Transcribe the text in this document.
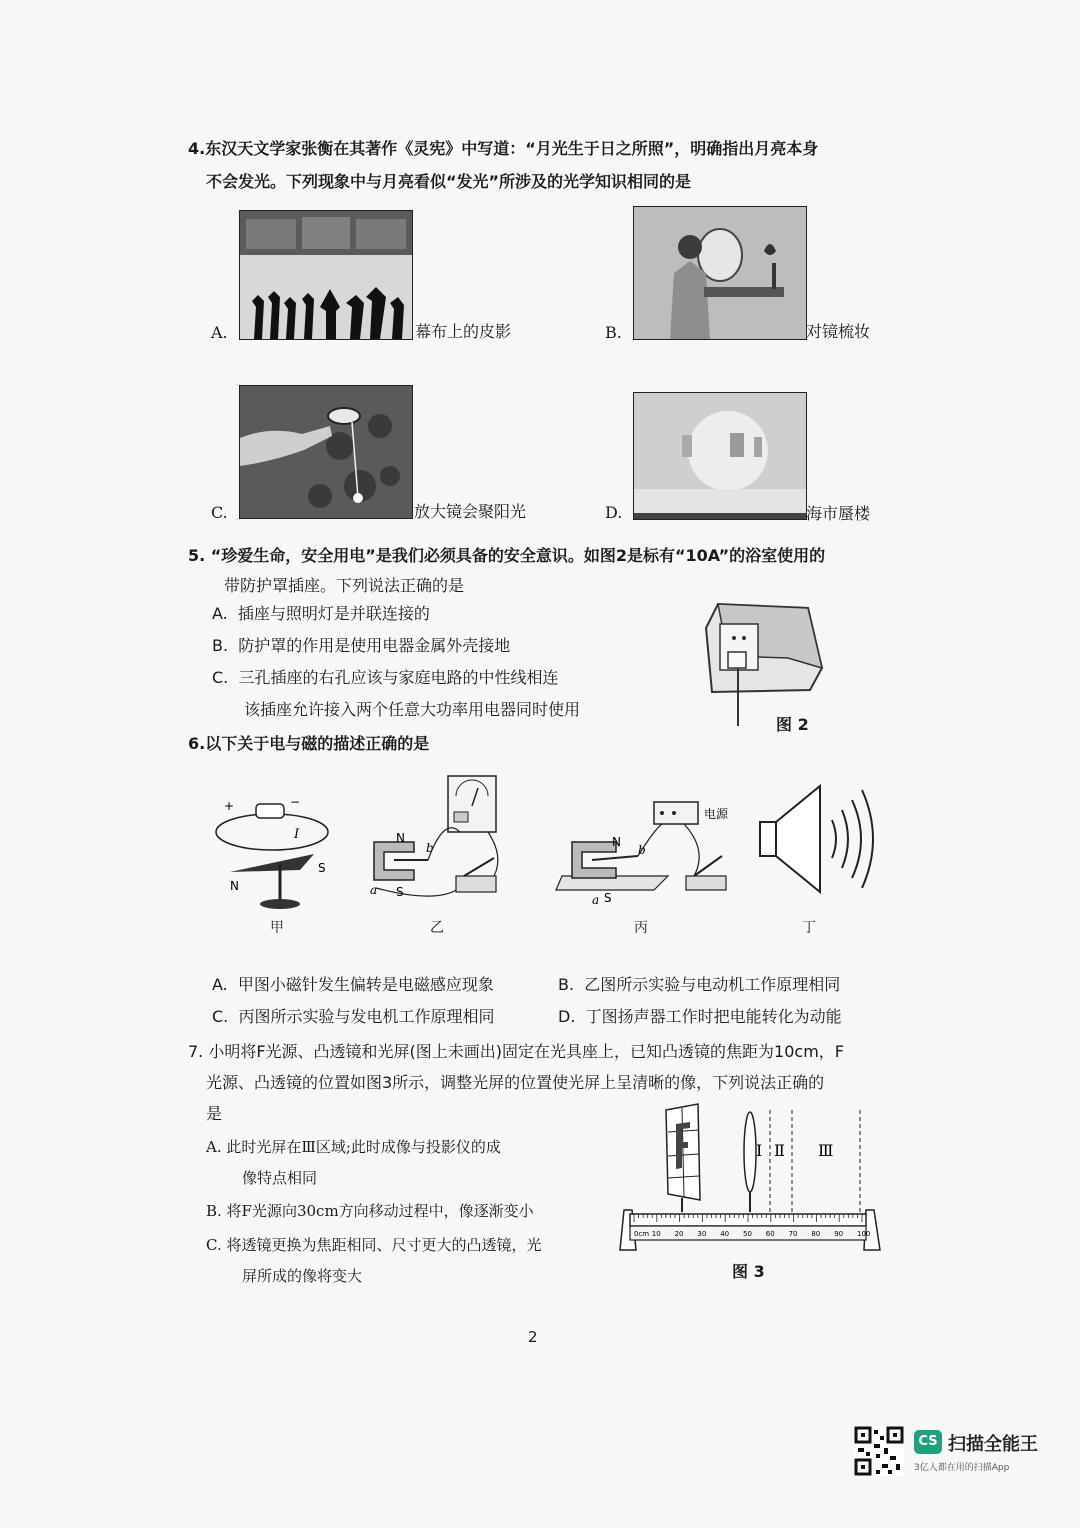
4.东汉天文学家张衡在其著作《灵宪》中写道：“月光生于日之所照”，明确指出月亮本身
不会发光。下列现象中与月亮看似“发光”所涉及的光学知识相同的是
A.	幕布上的皮影	B.	对镜梳妆
C.	放大镜会聚阳光	D.	海市蜃楼
5. “珍爱生命，安全用电”是我们必须具备的安全意识。如图2是标有“10A”的浴室使用的
带防护罩插座。下列说法正确的是
A. 插座与照明灯是并联连接的
B. 防护罩的作用是使用电器金属外壳接地
C. 三孔插座的右孔应该与家庭电路的中性线相连
该插座允许接入两个任意大功率用电器同时使用
图 2
6.以下关于电与磁的描述正确的是
+	−
I
N
S
甲
N
S
a
b
乙
电源
N
S
a
b
丙	丁
A. 甲图小磁针发生偏转是电磁感应现象	B. 乙图所示实验与电动机工作原理相同
C. 丙图所示实验与发电机工作原理相同	D. 丁图扬声器工作时把电能转化为动能
7. 小明将F光源、凸透镜和光屏(图上未画出)固定在光具座上，已知凸透镜的焦距为10cm，F
光源、凸透镜的位置如图3所示，调整光屏的位置使光屏上呈清晰的像，下列说法正确的
是
A. 此时光屏在Ⅲ区域;此时成像与投影仪的成
像特点相同
B. 将F光源向30cm方向移动过程中，像逐渐变小
C. 将透镜更换为焦距相同、尺寸更大的凸透镜，光
屏所成的像将变大
Ⅰ Ⅱ Ⅲ
0cm 10 20 30 40 50 60 70 80 90 100
图 3
2
CS 扫描全能王
3亿人都在用的扫描App
